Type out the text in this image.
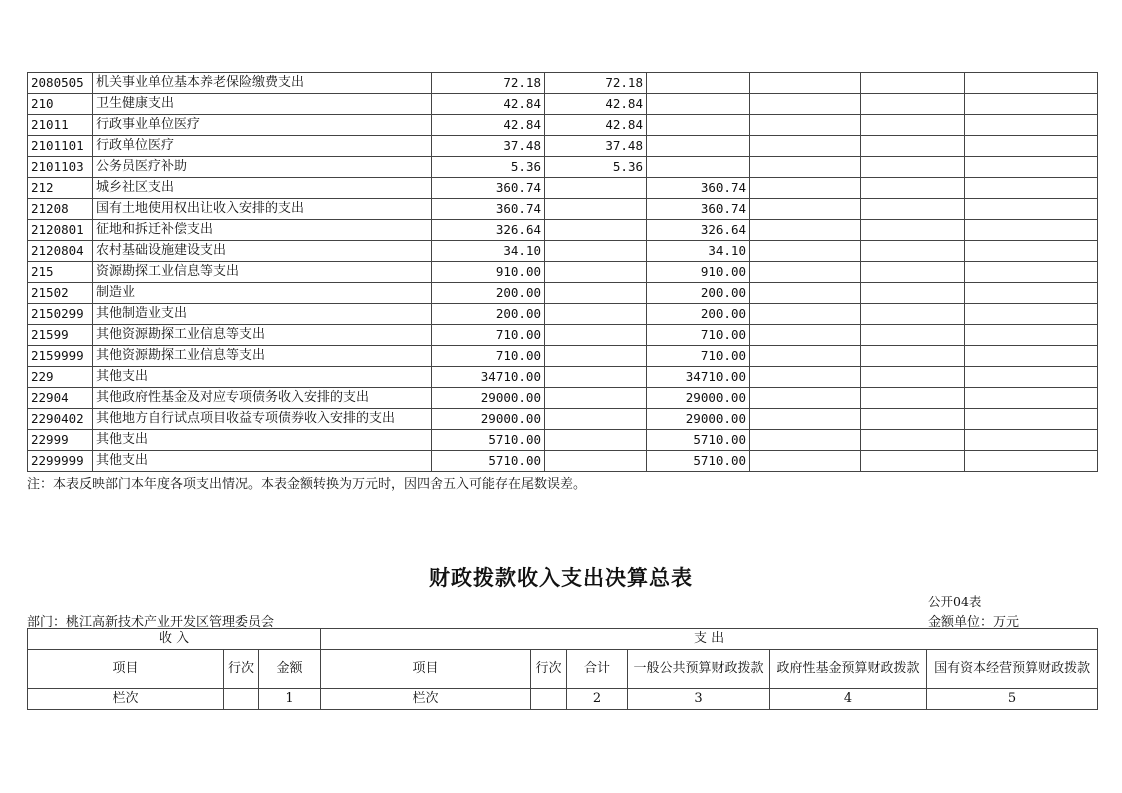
2080505	机关事业单位基本养老保险缴费支出	72.18	72.18				
210	卫生健康支出	42.84	42.84				
21011	行政事业单位医疗	42.84	42.84				
2101101	行政单位医疗	37.48	37.48				
2101103	公务员医疗补助	5.36	5.36				
212	城乡社区支出	360.74		360.74			
21208	国有土地使用权出让收入安排的支出	360.74		360.74			
2120801	征地和拆迁补偿支出	326.64		326.64			
2120804	农村基础设施建设支出	34.10		34.10			
215	资源勘探工业信息等支出	910.00		910.00			
21502	制造业	200.00		200.00			
2150299	其他制造业支出	200.00		200.00			
21599	其他资源勘探工业信息等支出	710.00		710.00			
2159999	其他资源勘探工业信息等支出	710.00		710.00			
229	其他支出	34710.00		34710.00			
22904	其他政府性基金及对应专项债务收入安排的支出	29000.00		29000.00			
2290402	其他地方自行试点项目收益专项债券收入安排的支出	29000.00		29000.00			
22999	其他支出	5710.00		5710.00			
2299999	其他支出	5710.00		5710.00			
注：本表反映部门本年度各项支出情况。本表金额转换为万元时，因四舍五入可能存在尾数误差。
财政拨款收入支出决算总表
公开04表
部门：桃江高新技术产业开发区管理委员会	金额单位：万元
收 入			支 出					
项目	行次	金额	项目	行次	合计	一般公共预算财政拨款	政府性基金预算财政拨款	国有资本经营预算财政拨款
栏次		1	栏次		2	3	4	5
